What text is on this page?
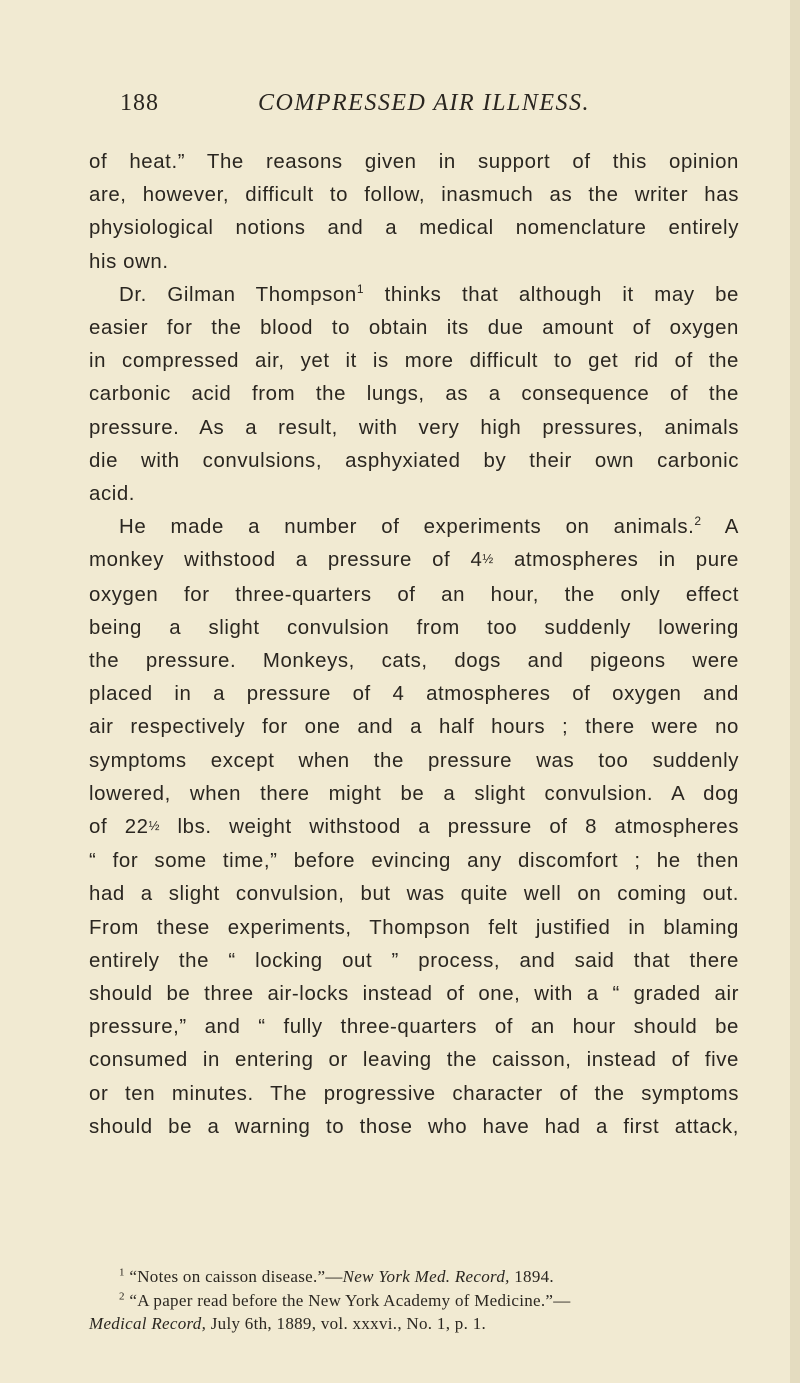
188	COMPRESSED AIR ILLNESS.
of heat.” The reasons given in support of this opinion
are, however, difficult to follow, inasmuch as the writer has
physiological notions and a medical nomenclature entirely
his own.
Dr. Gilman Thompson$^1$ thinks that although it may be
easier for the blood to obtain its due amount of oxygen
in compressed air, yet it is more difficult to get rid of the
carbonic acid from the lungs, as a consequence of the
pressure. As a result, with very high pressures, animals
die with convulsions, asphyxiated by their own carbonic
acid.
He made a number of experiments on animals.$^2$ A
monkey withstood a pressure of 4½ atmospheres in pure
oxygen for three-quarters of an hour, the only effect
being a slight convulsion from too suddenly lowering
the pressure. Monkeys, cats, dogs and pigeons were
placed in a pressure of 4 atmospheres of oxygen and
air respectively for one and a half hours ; there were no
symptoms except when the pressure was too suddenly
lowered, when there might be a slight convulsion. A dog
of 22½ lbs. weight withstood a pressure of 8 atmospheres
“ for some time,” before evincing any discomfort ; he then
had a slight convulsion, but was quite well on coming out.
From these experiments, Thompson felt justified in blaming
entirely the “ locking out ” process, and said that there
should be three air-locks instead of one, with a “ graded air
pressure,” and “ fully three-quarters of an hour should be
consumed in entering or leaving the caisson, instead of five
or ten minutes. The progressive character of the symptoms
should be a warning to those who have had a first attack,
$^1$ “Notes on caisson disease.”—New York Med. Record, 1894.
$^2$ “A paper read before the New York Academy of Medicine.”—
Medical Record, July 6th, 1889, vol. xxxvi., No. 1, p. 1.
